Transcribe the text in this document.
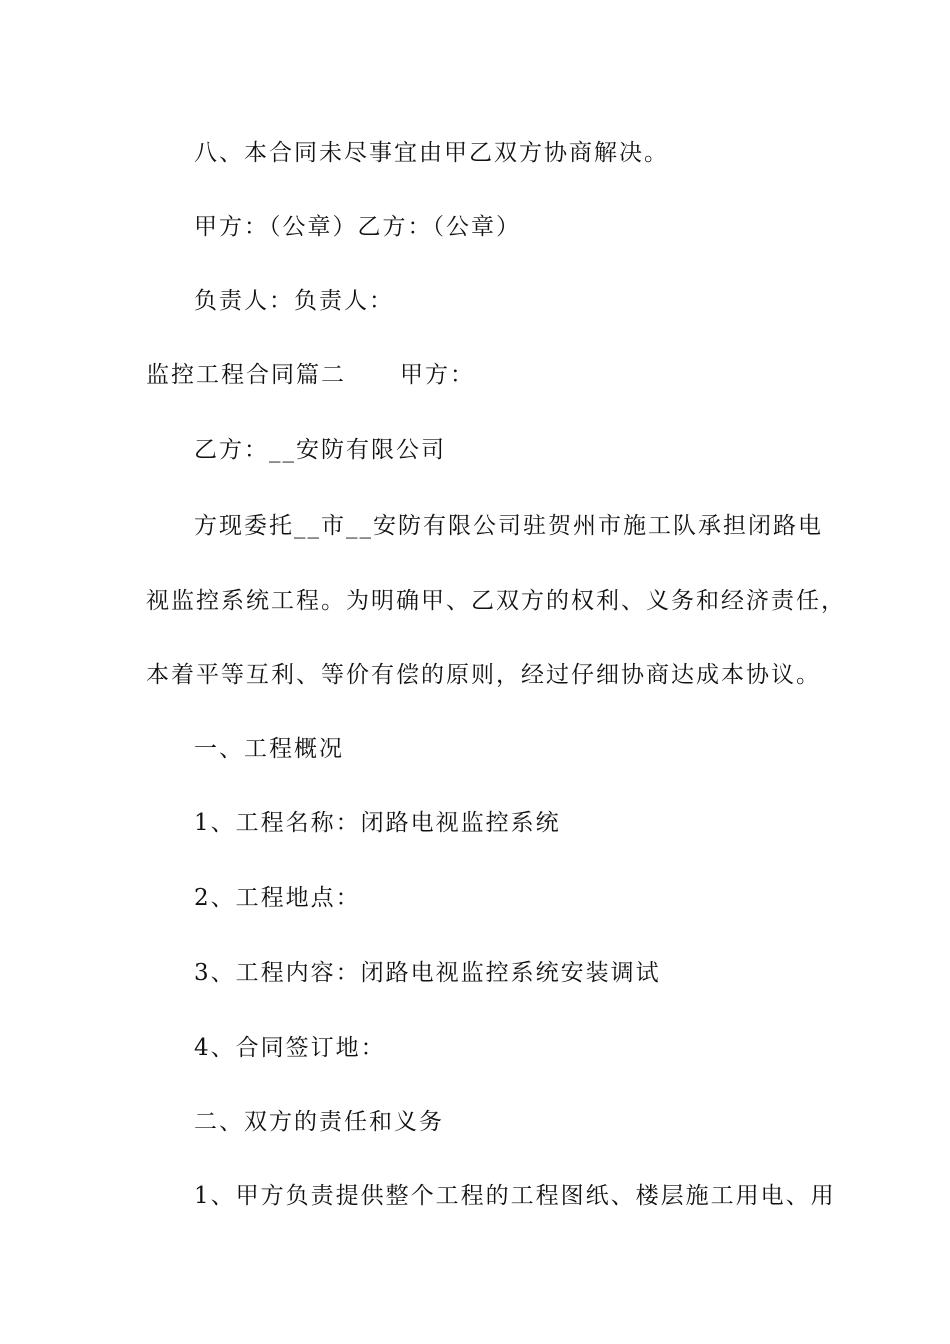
八、本合同未尽事宜由甲乙双方协商解决。
甲方：（公章）乙方：（公章）
负责人：负责人：
监控工程合同篇二 甲方：
乙方：__安防有限公司
方现委托__市__安防有限公司驻贺州市施工队承担闭路电
视监控系统工程。为明确甲、乙双方的权利、义务和经济责任，
本着平等互利、等价有偿的原则，经过仔细协商达成本协议。
一、工程概况
1、工程名称：闭路电视监控系统
2、工程地点：
3、工程内容：闭路电视监控系统安装调试
4、合同签订地：
二、双方的责任和义务
1、甲方负责提供整个工程的工程图纸、楼层施工用电、用
